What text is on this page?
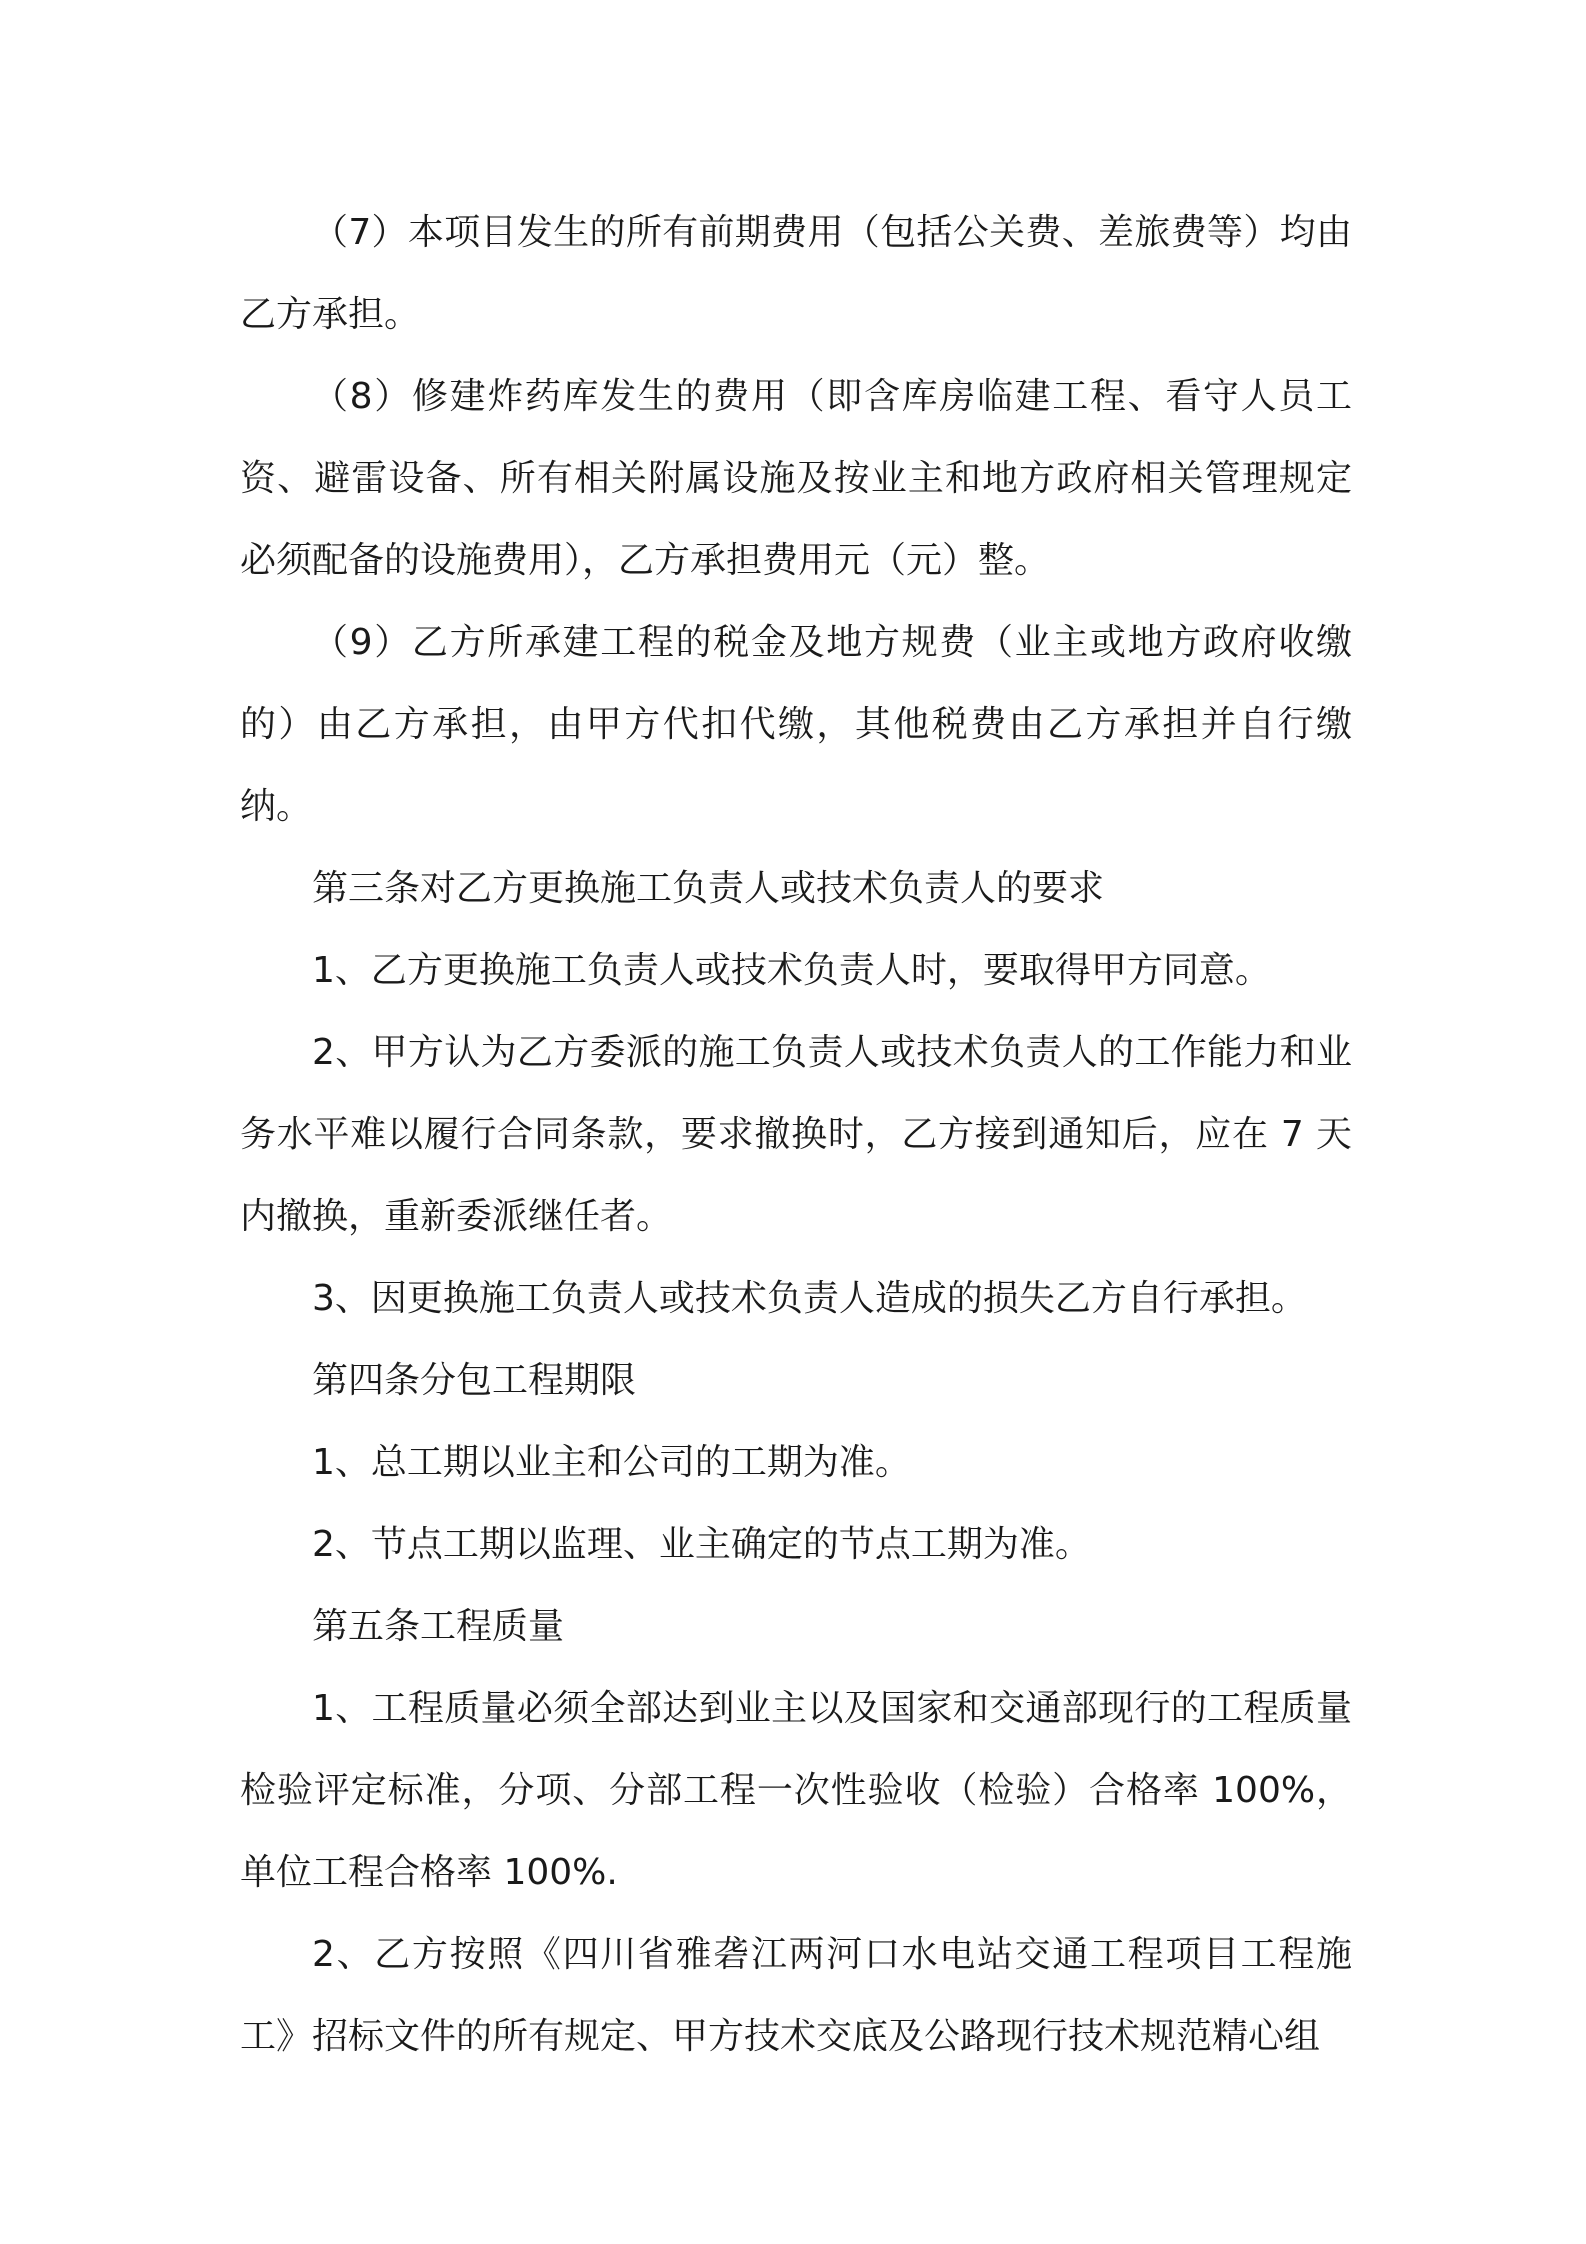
（7）本项目发生的所有前期费用（包括公关费、差旅费等）均由乙方承担。

（8）修建炸药库发生的费用（即含库房临建工程、看守人员工资、避雷设备、所有相关附属设施及按业主和地方政府相关管理规定必须配备的设施费用），乙方承担费用元（元）整。

（9）乙方所承建工程的税金及地方规费（业主或地方政府收缴的）由乙方承担，由甲方代扣代缴，其他税费由乙方承担并自行缴纳。

第三条对乙方更换施工负责人或技术负责人的要求

1、乙方更换施工负责人或技术负责人时，要取得甲方同意。

2、甲方认为乙方委派的施工负责人或技术负责人的工作能力和业务水平难以履行合同条款，要求撤换时，乙方接到通知后，应在 7 天内撤换，重新委派继任者。

3、因更换施工负责人或技术负责人造成的损失乙方自行承担。

第四条分包工程期限

1、总工期以业主和公司的工期为准。

2、节点工期以监理、业主确定的节点工期为准。

第五条工程质量

1、工程质量必须全部达到业主以及国家和交通部现行的工程质量检验评定标准，分项、分部工程一次性验收（检验）合格率 100%，单位工程合格率 100%.

2、乙方按照《四川省雅砻江两河口水电站交通工程项目工程施工》招标文件的所有规定、甲方技术交底及公路现行技术规范精心组
